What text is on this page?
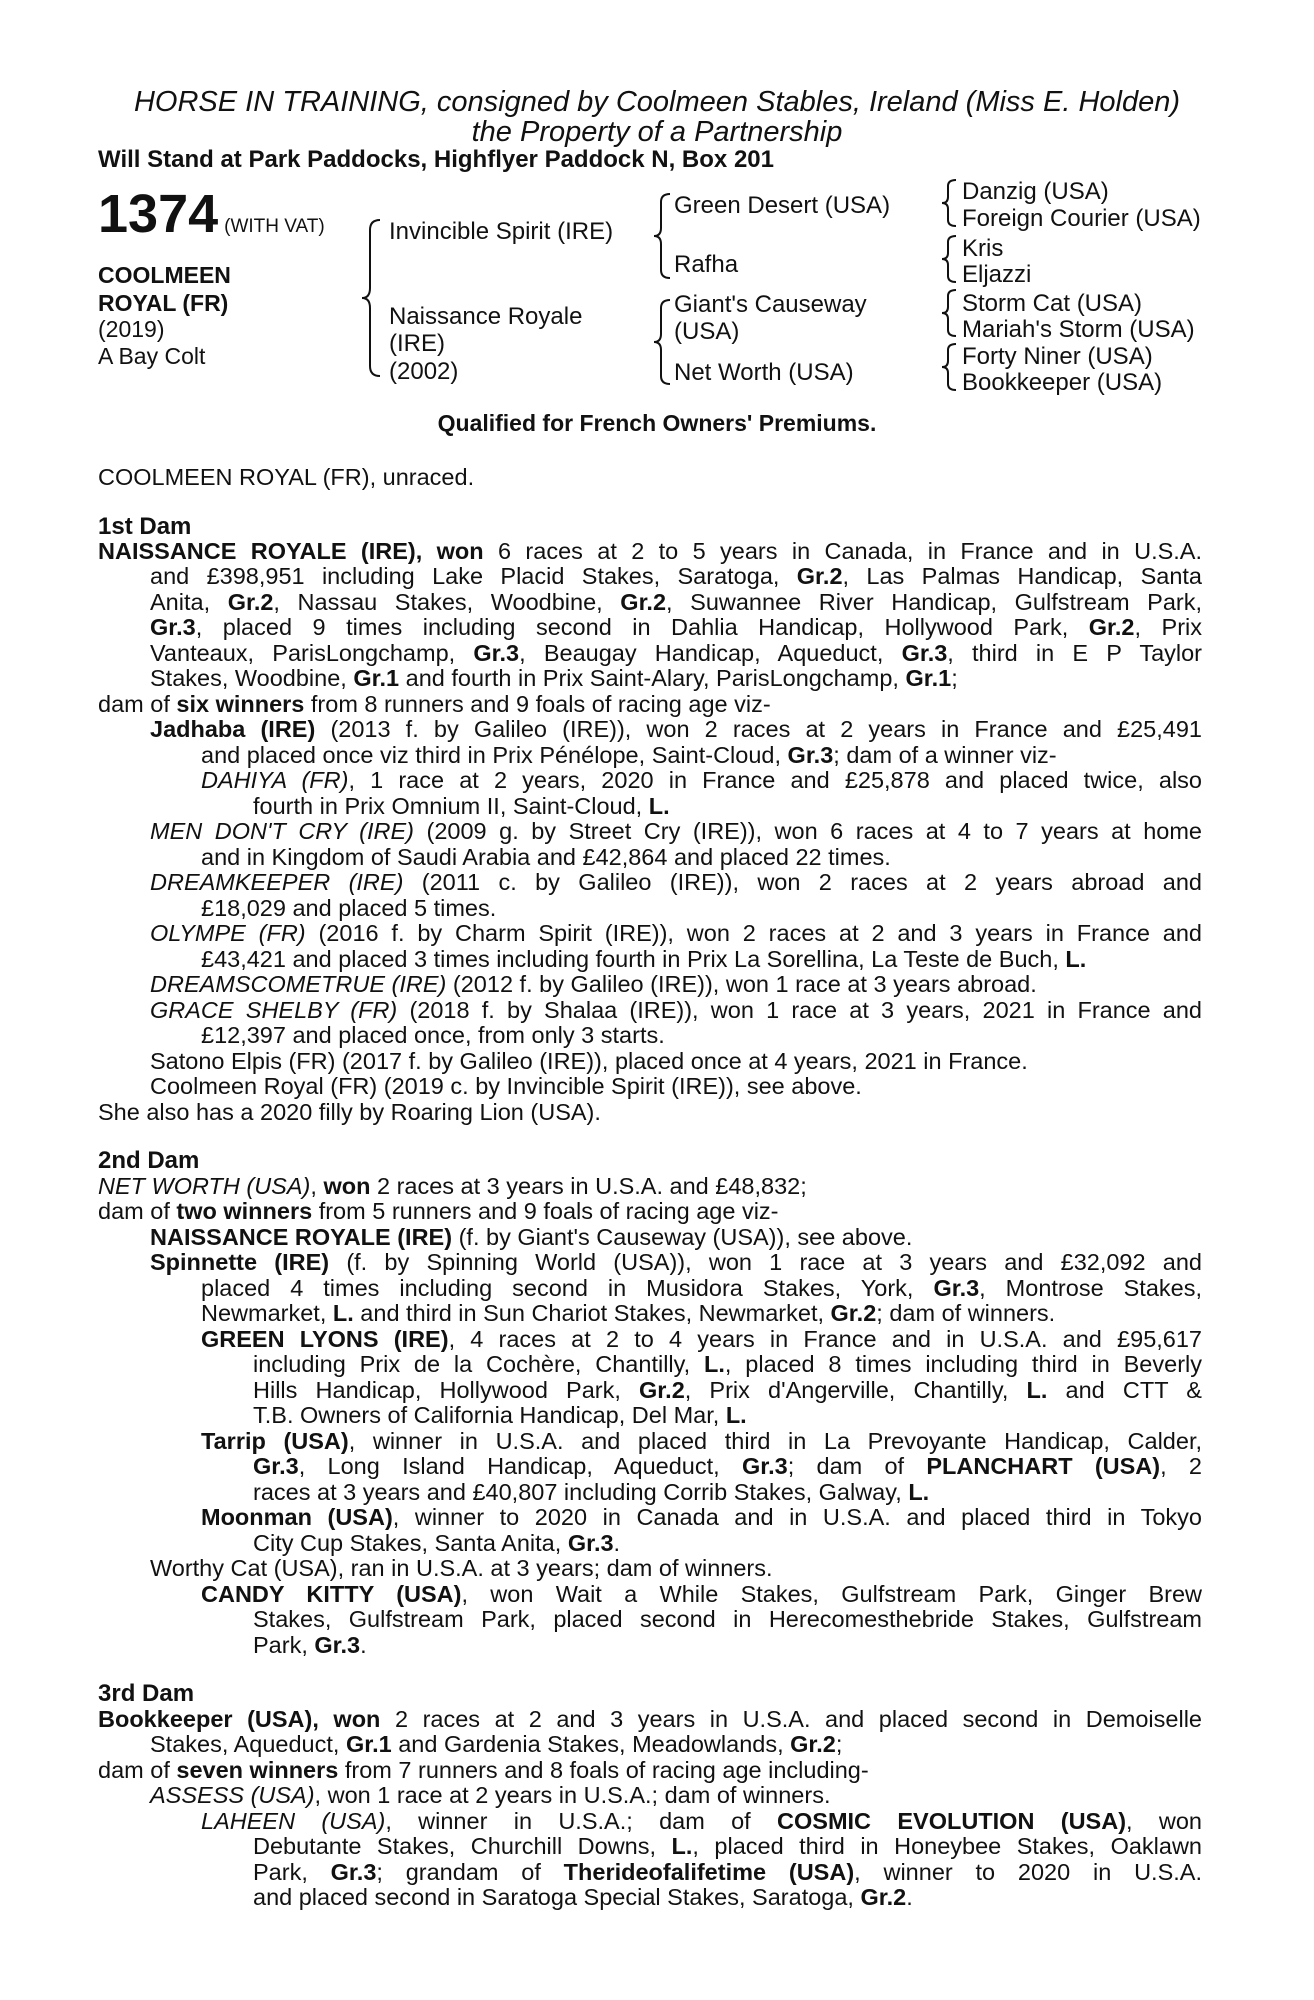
HORSE IN TRAINING, consigned by Coolmeen Stables, Ireland (Miss E. Holden)
the Property of a Partnership
Will Stand at Park Paddocks, Highflyer Paddock N, Box 201
1374 (WITH VAT)
COOLMEEN
ROYAL (FR)
(2019)
A Bay Colt
Invincible Spirit (IRE)
Naissance Royale
(IRE)
(2002)
Green Desert (USA)
Rafha
Giant's Causeway
(USA)
Net Worth (USA)
Danzig (USA)
Foreign Courier (USA)
Kris
Eljazzi
Storm Cat (USA)
Mariah's Storm (USA)
Forty Niner (USA)
Bookkeeper (USA)
Qualified for French Owners' Premiums.
COOLMEEN ROYAL (FR), unraced.
1st Dam
NAISSANCE ROYALE (IRE), won 6 races at 2 to 5 years in Canada, in France and in U.S.A.
and £398,951 including Lake Placid Stakes, Saratoga, Gr.2, Las Palmas Handicap, Santa
Anita, Gr.2, Nassau Stakes, Woodbine, Gr.2, Suwannee River Handicap, Gulfstream Park,
Gr.3, placed 9 times including second in Dahlia Handicap, Hollywood Park, Gr.2, Prix
Vanteaux, ParisLongchamp, Gr.3, Beaugay Handicap, Aqueduct, Gr.3, third in E P Taylor
Stakes, Woodbine, Gr.1 and fourth in Prix Saint-Alary, ParisLongchamp, Gr.1;
dam of six winners from 8 runners and 9 foals of racing age viz-
Jadhaba (IRE) (2013 f. by Galileo (IRE)), won 2 races at 2 years in France and £25,491
and placed once viz third in Prix Pénélope, Saint-Cloud, Gr.3; dam of a winner viz-
DAHIYA (FR), 1 race at 2 years, 2020 in France and £25,878 and placed twice, also
fourth in Prix Omnium II, Saint-Cloud, L.
MEN DON'T CRY (IRE) (2009 g. by Street Cry (IRE)), won 6 races at 4 to 7 years at home
and in Kingdom of Saudi Arabia and £42,864 and placed 22 times.
DREAMKEEPER (IRE) (2011 c. by Galileo (IRE)), won 2 races at 2 years abroad and
£18,029 and placed 5 times.
OLYMPE (FR) (2016 f. by Charm Spirit (IRE)), won 2 races at 2 and 3 years in France and
£43,421 and placed 3 times including fourth in Prix La Sorellina, La Teste de Buch, L.
DREAMSCOMETRUE (IRE) (2012 f. by Galileo (IRE)), won 1 race at 3 years abroad.
GRACE SHELBY (FR) (2018 f. by Shalaa (IRE)), won 1 race at 3 years, 2021 in France and
£12,397 and placed once, from only 3 starts.
Satono Elpis (FR) (2017 f. by Galileo (IRE)), placed once at 4 years, 2021 in France.
Coolmeen Royal (FR) (2019 c. by Invincible Spirit (IRE)), see above.
She also has a 2020 filly by Roaring Lion (USA).
2nd Dam
NET WORTH (USA), won 2 races at 3 years in U.S.A. and £48,832;
dam of two winners from 5 runners and 9 foals of racing age viz-
NAISSANCE ROYALE (IRE) (f. by Giant's Causeway (USA)), see above.
Spinnette (IRE) (f. by Spinning World (USA)), won 1 race at 3 years and £32,092 and
placed 4 times including second in Musidora Stakes, York, Gr.3, Montrose Stakes,
Newmarket, L. and third in Sun Chariot Stakes, Newmarket, Gr.2; dam of winners.
GREEN LYONS (IRE), 4 races at 2 to 4 years in France and in U.S.A. and £95,617
including Prix de la Cochère, Chantilly, L., placed 8 times including third in Beverly
Hills Handicap, Hollywood Park, Gr.2, Prix d'Angerville, Chantilly, L. and CTT &
T.B. Owners of California Handicap, Del Mar, L.
Tarrip (USA), winner in U.S.A. and placed third in La Prevoyante Handicap, Calder,
Gr.3, Long Island Handicap, Aqueduct, Gr.3; dam of PLANCHART (USA), 2
races at 3 years and £40,807 including Corrib Stakes, Galway, L.
Moonman (USA), winner to 2020 in Canada and in U.S.A. and placed third in Tokyo
City Cup Stakes, Santa Anita, Gr.3.
Worthy Cat (USA), ran in U.S.A. at 3 years; dam of winners.
CANDY KITTY (USA), won Wait a While Stakes, Gulfstream Park, Ginger Brew
Stakes, Gulfstream Park, placed second in Herecomesthebride Stakes, Gulfstream
Park, Gr.3.
3rd Dam
Bookkeeper (USA), won 2 races at 2 and 3 years in U.S.A. and placed second in Demoiselle
Stakes, Aqueduct, Gr.1 and Gardenia Stakes, Meadowlands, Gr.2;
dam of seven winners from 7 runners and 8 foals of racing age including-
ASSESS (USA), won 1 race at 2 years in U.S.A.; dam of winners.
LAHEEN (USA), winner in U.S.A.; dam of COSMIC EVOLUTION (USA), won
Debutante Stakes, Churchill Downs, L., placed third in Honeybee Stakes, Oaklawn
Park, Gr.3; grandam of Therideofalifetime (USA), winner to 2020 in U.S.A.
and placed second in Saratoga Special Stakes, Saratoga, Gr.2.
